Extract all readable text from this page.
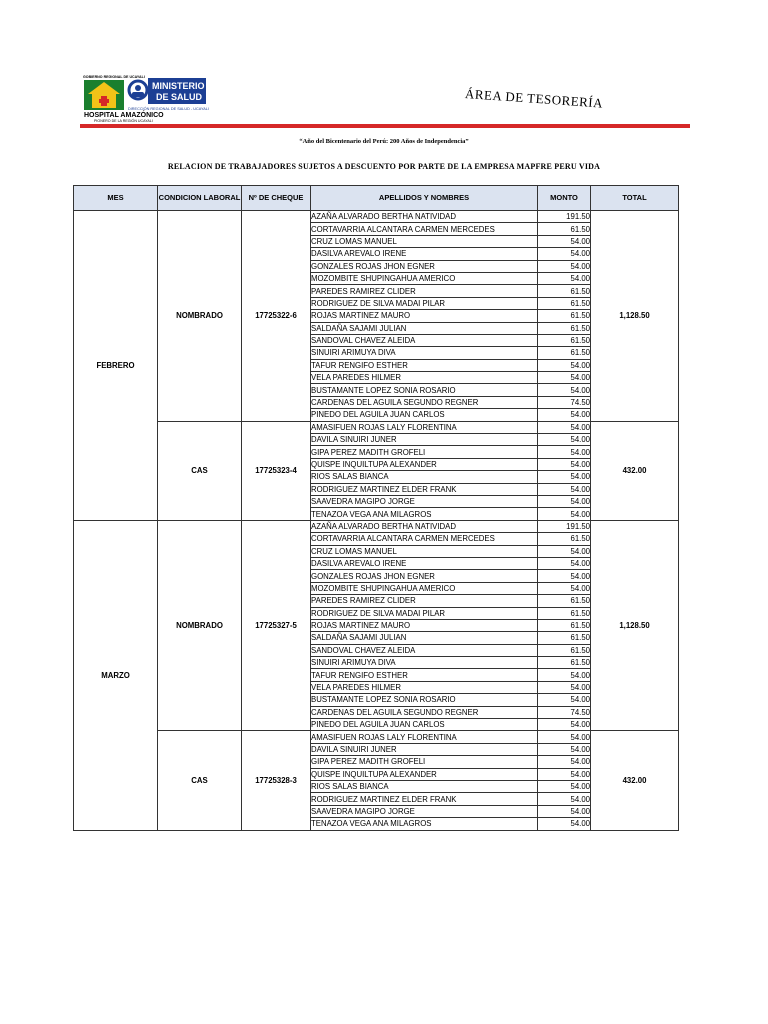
GOBIERNO REGIONAL DE UCAYALI
MINISTERIO
DE SALUD
DIRECCIÓN REGIONAL DE SALUD - UCAYALI
HOSPITAL AMAZÓNICO
PIONERO DE LA REGIÓN UCAYALI
ÁREA DE TESORERÍA
“Año del Bicentenario del Perú: 200 Años de Independencia”
RELACION DE TRABAJADORES SUJETOS A DESCUENTO POR PARTE DE LA EMPRESA MAPFRE PERU VIDA
MES	CONDICION LABORAL	Nº DE CHEQUE	APELLIDOS Y NOMBRES	MONTO	TOTAL
FEBRERO	NOMBRADO	17725322-6	AZAÑA ALVARADO BERTHA NATIVIDAD	191.50	1,128.50
			CORTAVARRIA ALCANTARA CARMEN MERCEDES	61.50	
			CRUZ LOMAS MANUEL	54.00	
			DASILVA AREVALO IRENE	54.00	
			GONZALES ROJAS JHON EGNER	54.00	
			MOZOMBITE SHUPINGAHUA AMERICO	54.00	
			PAREDES RAMIREZ CLIDER	61.50	
			RODRIGUEZ DE SILVA MADAI PILAR	61.50	
			ROJAS MARTINEZ MAURO	61.50	
			SALDAÑA SAJAMI JULIAN	61.50	
			SANDOVAL CHAVEZ ALEIDA	61.50	
			SINUIRI ARIMUYA DIVA	61.50	
			TAFUR RENGIFO ESTHER	54.00	
			VELA PAREDES HILMER	54.00	
			BUSTAMANTE LOPEZ SONIA ROSARIO	54.00	
			CARDENAS DEL AGUILA SEGUNDO REGNER	74.50	
			PINEDO DEL AGUILA JUAN CARLOS	54.00	
	CAS	17725323-4	AMASIFUEN ROJAS LALY FLORENTINA	54.00	432.00
			DAVILA SINUIRI JUNER	54.00	
			GIPA PEREZ MADITH GROFELI	54.00	
			QUISPE INQUILTUPA ALEXANDER	54.00	
			RIOS SALAS BIANCA	54.00	
			RODRIGUEZ MARTINEZ ELDER FRANK	54.00	
			SAAVEDRA MAGIPO JORGE	54.00	
			TENAZOA VEGA ANA MILAGROS	54.00	
MARZO	NOMBRADO	17725327-5	AZAÑA ALVARADO BERTHA NATIVIDAD	191.50	1,128.50
			CORTAVARRIA ALCANTARA CARMEN MERCEDES	61.50	
			CRUZ LOMAS MANUEL	54.00	
			DASILVA AREVALO IRENE	54.00	
			GONZALES ROJAS JHON EGNER	54.00	
			MOZOMBITE SHUPINGAHUA AMERICO	54.00	
			PAREDES RAMIREZ CLIDER	61.50	
			RODRIGUEZ DE SILVA MADAI PILAR	61.50	
			ROJAS MARTINEZ MAURO	61.50	
			SALDAÑA SAJAMI JULIAN	61.50	
			SANDOVAL CHAVEZ ALEIDA	61.50	
			SINUIRI ARIMUYA DIVA	61.50	
			TAFUR RENGIFO ESTHER	54.00	
			VELA PAREDES HILMER	54.00	
			BUSTAMANTE LOPEZ SONIA ROSARIO	54.00	
			CARDENAS DEL AGUILA SEGUNDO REGNER	74.50	
			PINEDO DEL AGUILA JUAN CARLOS	54.00	
	CAS	17725328-3	AMASIFUEN ROJAS LALY FLORENTINA	54.00	432.00
			DAVILA SINUIRI JUNER	54.00	
			GIPA PEREZ MADITH GROFELI	54.00	
			QUISPE INQUILTUPA ALEXANDER	54.00	
			RIOS SALAS BIANCA	54.00	
			RODRIGUEZ MARTINEZ ELDER FRANK	54.00	
			SAAVEDRA MAGIPO JORGE	54.00	
			TENAZOA VEGA ANA MILAGROS	54.00	
